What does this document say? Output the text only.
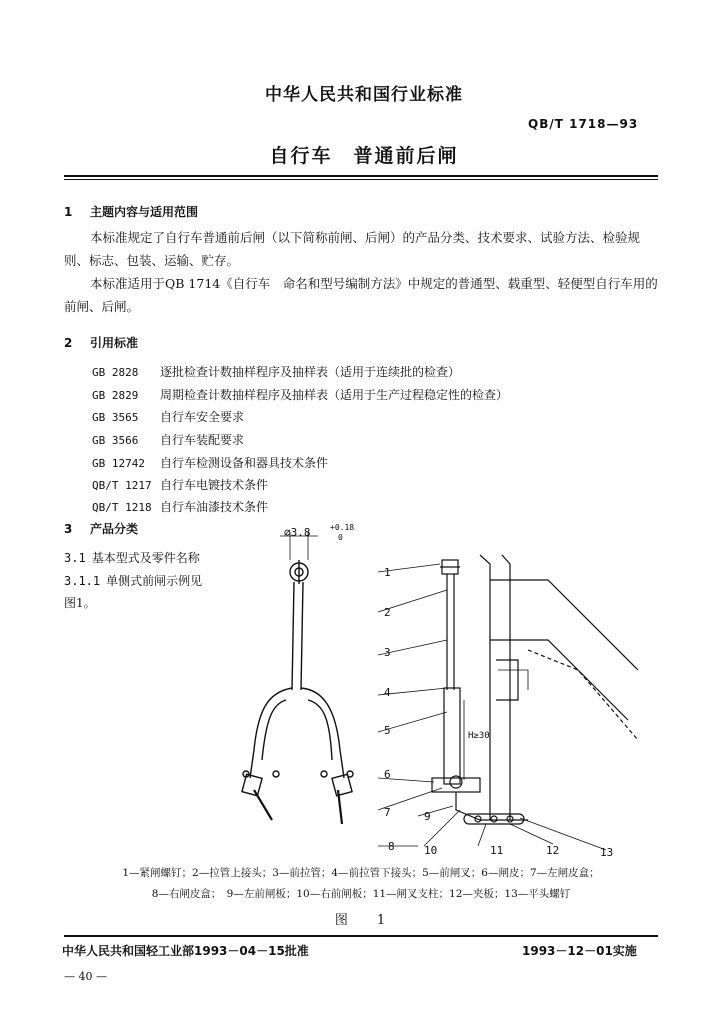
中华人民共和国行业标准
QB/T 1718—93
自行车　普通前后闸
1 主题内容与适用范围
本标准规定了自行车普通前后闸（以下简称前闸、后闸）的产品分类、技术要求、试验方法、检验规则、标志、包装、运输、贮存。
本标准适用于QB 1714《自行车　命名和型号编制方法》中规定的普通型、载重型、轻便型自行车用的前闸、后闸。
2 引用标准
GB 2828 逐批检查计数抽样程序及抽样表（适用于连续批的检查）
GB 2829 周期检查计数抽样程序及抽样表（适用于生产过程稳定性的检查）
GB 3565 自行车安全要求
GB 3566 自行车装配要求
GB 12742 自行车检测设备和器具技术条件
QB/T 1217 自行车电镀技术条件
QB/T 1218 自行车油漆技术条件
3 产品分类
3.1 基本型式及零件名称
3.1.1 单侧式前闸示例见
图1。
∅3.8 +0.18
0
H≥30
1
2
3
4
5
6
7
8
9
10	11	12	13
1—紧闸螺钉；2—拉管上接头；3—前拉管；4—前拉管下接头；5—前闸叉；6—闸皮；7—左闸皮盒；
8—右闸皮盒；　9—左前闸板；10—右前闸板；11—闸叉支柱；12—夹板；13—平头螺钉
图　1
中华人民共和国轻工业部1993－04－15批准	1993－12－01实施
— 40 —
